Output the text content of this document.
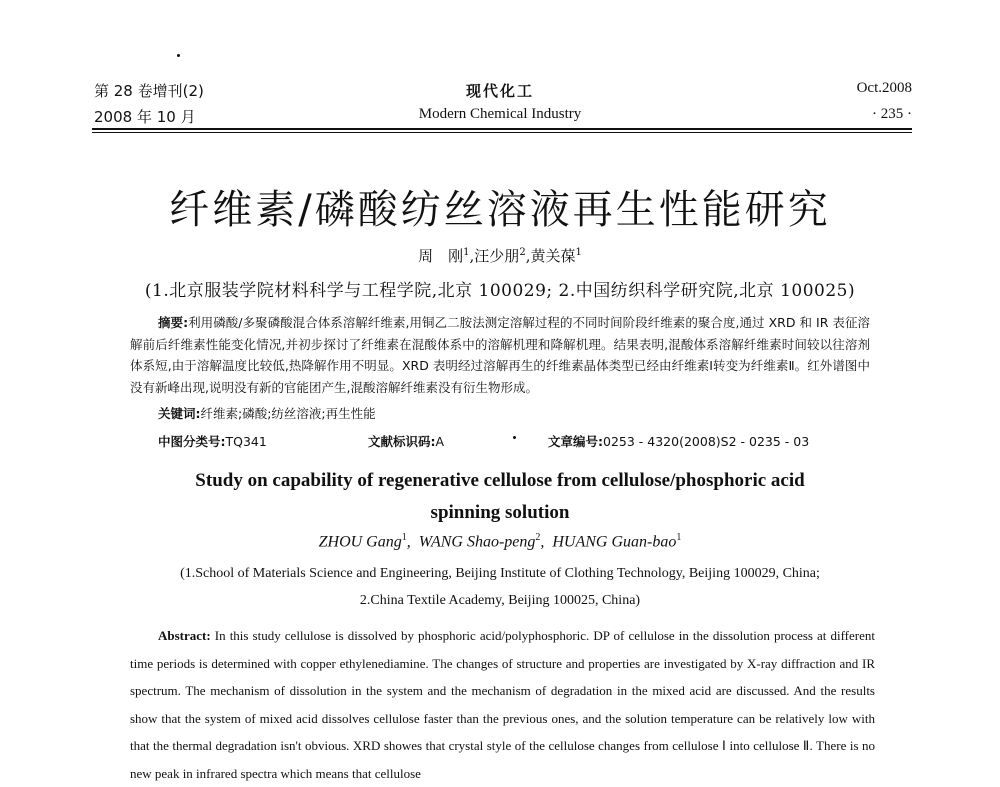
第 28 卷增刊(2)
2008 年 10 月
现代化工
Modern Chemical Industry
Oct.2008
· 235 ·
纤维素/磷酸纺丝溶液再生性能研究
周　刚$^1$,汪少朋$^2$,黄关葆$^1$
(1.北京服装学院材料科学与工程学院,北京 100029; 2.中国纺织科学研究院,北京 100025)
摘要:利用磷酸/多聚磷酸混合体系溶解纤维素,用铜乙二胺法测定溶解过程的不同时间阶段纤维素的聚合度,通过 XRD 和 IR 表征溶解前后纤维素性能变化情况,并初步探讨了纤维素在混酸体系中的溶解机理和降解机理。结果表明,混酸体系溶解纤维素时间较以往溶剂体系短,由于溶解温度比较低,热降解作用不明显。XRD 表明经过溶解再生的纤维素晶体类型已经由纤维素Ⅰ转变为纤维素Ⅱ。红外谱图中没有新峰出现,说明没有新的官能团产生,混酸溶解纤维素没有衍生物形成。
关键词:纤维素;磷酸;纺丝溶液;再生性能
中图分类号:TQ341	文献标识码:A	文章编号:0253 - 4320(2008)S2 - 0235 - 03
Study on capability of regenerative cellulose from cellulose/phosphoric acid
spinning solution
ZHOU Gang$^1$,  WANG Shao-peng$^2$,  HUANG Guan-bao$^1$
(1.School of Materials Science and Engineering, Beijing Institute of Clothing Technology, Beijing 100029, China;
2.China Textile Academy, Beijing 100025, China)
Abstract: In this study cellulose is dissolved by phosphoric acid/polyphosphoric. DP of cellulose in the dissolution process at different time periods is determined with copper ethylenediamine. The changes of structure and properties are investigated by X-ray diffraction and IR spectrum. The mechanism of dissolution in the system and the mechanism of degradation in the mixed acid are discussed. And the results show that the system of mixed acid dissolves cellulose faster than the previous ones, and the solution temperature can be relatively low with that the thermal degradation isn't obvious. XRD showes that crystal style of the cellulose changes from cellulose Ⅰ into cellulose Ⅱ. There is no new peak in infrared spectra which means that cellulose
